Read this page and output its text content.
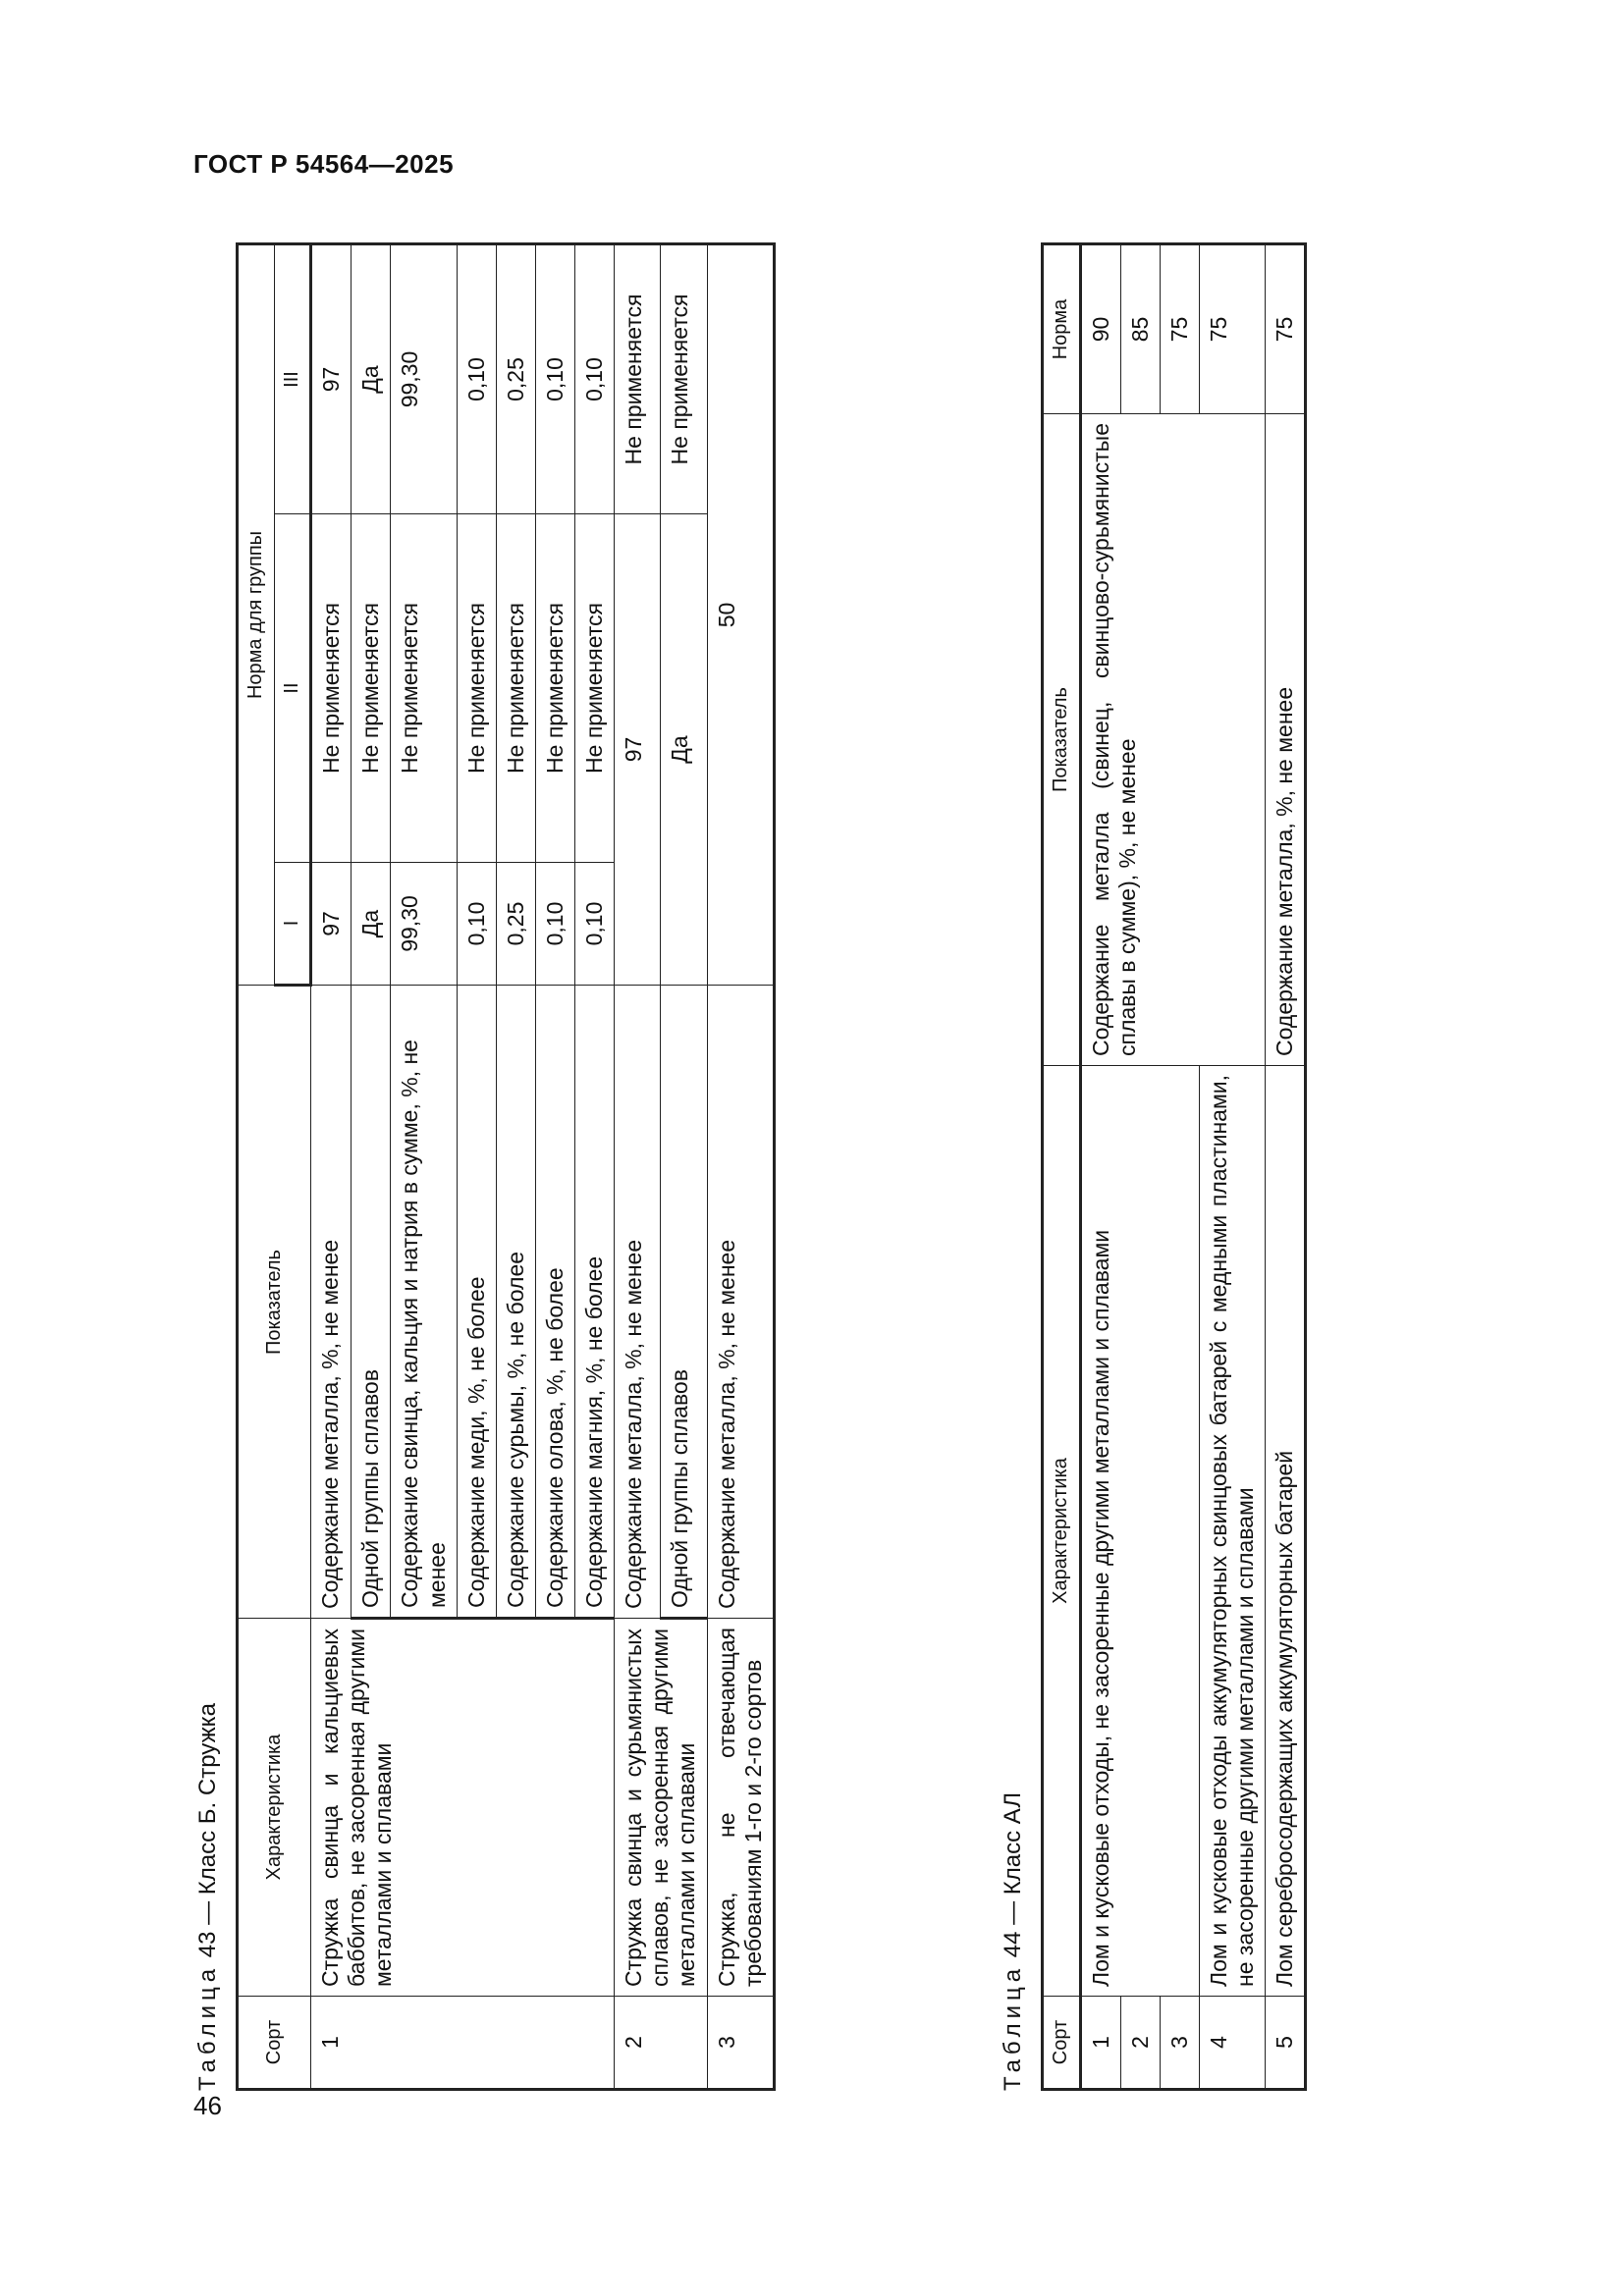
ГОСТ Р 54564—2025
46
Таблица 43 — Класс Б. Стружка
Сорт	Характеристика	Показатель	Норма для группы		
			I	II	III
1	Стружка свинца и кальциевых баббитов, не засоренная другими металлами и сплавами	Содержание металла, %, не менее	97	Не применяется	97
		Одной группы сплавов	Да	Не применяется	Да
		Содержание свинца, кальция и натрия в сумме, %, не менее	99,30	Не применяется	99,30
		Содержание меди, %, не более	0,10	Не применяется	0,10
		Содержание сурьмы, %, не более	0,25	Не применяется	0,25
		Содержание олова, %, не более	0,10	Не применяется	0,10
		Содержание магния, %, не более	0,10	Не применяется	0,10
2	Стружка свинца и сурьмянистых сплавов, не засоренная другими металлами и сплавами	Содержание металла, %, не менее	97		Не применяется
		Одной группы сплавов	Да		Не применяется
3	Стружка, не отвечающая требованиям 1-го и 2-го сортов	Содержание металла, %, не менее	50		
Таблица 44 — Класс АЛ
Сорт	Характеристика	Показатель	Норма
1	Лом и кусковые отходы, не засоренные другими металлами и сплавами	Содержание металла (свинец, свинцово-сурьмянистые сплавы в сумме), %, не менее	90
2			85
3			75
4	Лом и кусковые отходы аккумуляторных свинцовых батарей с медными пластинами, не засоренные другими металлами и сплавами		75
5	Лом серебросодержащих аккумуляторных батарей	Содержание металла, %, не менее	75
